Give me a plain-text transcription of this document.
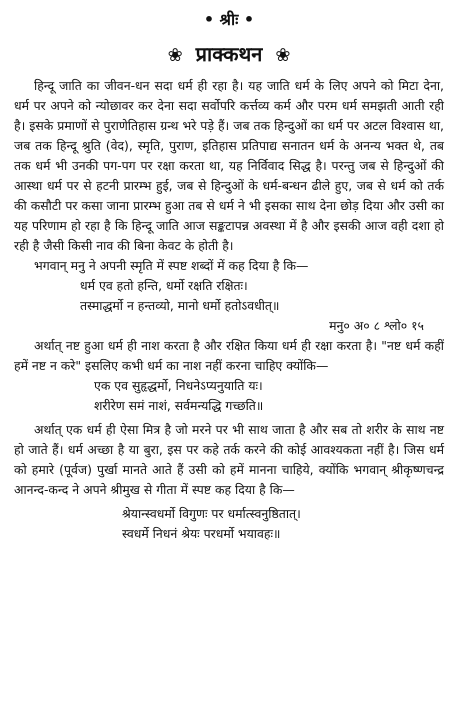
• श्रीः •
❀ प्राक्कथन ❀

हिन्दू जाति का जीवन-धन सदा धर्म ही रहा है। यह जाति धर्म के लिए अपने को मिटा देना, धर्म पर अपने को न्योछावर कर देना सदा सर्वोपरि कर्त्तव्य कर्म और परम धर्म समझती आती रही है। इसके प्रमाणों से पुराणेतिहास ग्रन्थ भरे पड़े हैं। जब तक हिन्दुओं का धर्म पर अटल विश्वास था, जब तक हिन्दू श्रुति (वेद), स्मृति, पुराण, इतिहास प्रतिपाद्य सनातन धर्म के अनन्य भक्त थे, तब तक धर्म भी उनकी पग-पग पर रक्षा करता था, यह निर्विवाद सिद्ध है। परन्तु जब से हिन्दुओं की आस्था धर्म पर से हटनी प्रारम्भ हुई, जब से हिन्दुओं के धर्म-बन्धन ढीले हुए, जब से धर्म को तर्क की कसौटी पर कसा जाना प्रारम्भ हुआ तब से धर्म ने भी इसका साथ देना छोड़ दिया और उसी का यह परिणाम हो रहा है कि हिन्दू जाति आज सङ्कटापन्न अवस्था में है और इसकी आज वही दशा हो रही है जैसी किसी नाव की बिना केवट के होती है।

भगवान् मनु ने अपनी स्मृति में स्पष्ट शब्दों में कह दिया है कि—

धर्म एव हतो हन्ति, धर्मो रक्षति रक्षितः।

तस्माद्धर्मो न हन्तव्यो, मानो धर्मो हतोऽवधीत्॥

मनु० अ० ८ श्लो० १५

अर्थात् नष्ट हुआ धर्म ही नाश करता है और रक्षित किया धर्म ही रक्षा करता है। "नष्ट धर्म कहीं हमें नष्ट न करे" इसलिए कभी धर्म का नाश नहीं करना चाहिए क्योंकि—

एक एव सुहृद्धर्मो, निधनेऽप्यनुयाति यः।

शरीरेण समं नाशं, सर्वमन्यद्धि गच्छति॥

अर्थात् एक धर्म ही ऐसा मित्र है जो मरने पर भी साथ जाता है और सब तो शरीर के साथ नष्ट हो जाते हैं। धर्म अच्छा है या बुरा, इस पर कहे तर्क करने की कोई आवश्यकता नहीं है। जिस धर्म को हमारे (पूर्वज) पुर्खा मानते आते हैं उसी को हमें मानना चाहिये, क्योंकि भगवान् श्रीकृष्णचन्द्र आनन्द-कन्द ने अपने श्रीमुख से गीता में स्पष्ट कह दिया है कि—

श्रेयान्स्वधर्मो विगुणः पर धर्मात्स्वनुष्ठितात्।

स्वधर्मे निधनं श्रेयः परधर्मो भयावहः॥
